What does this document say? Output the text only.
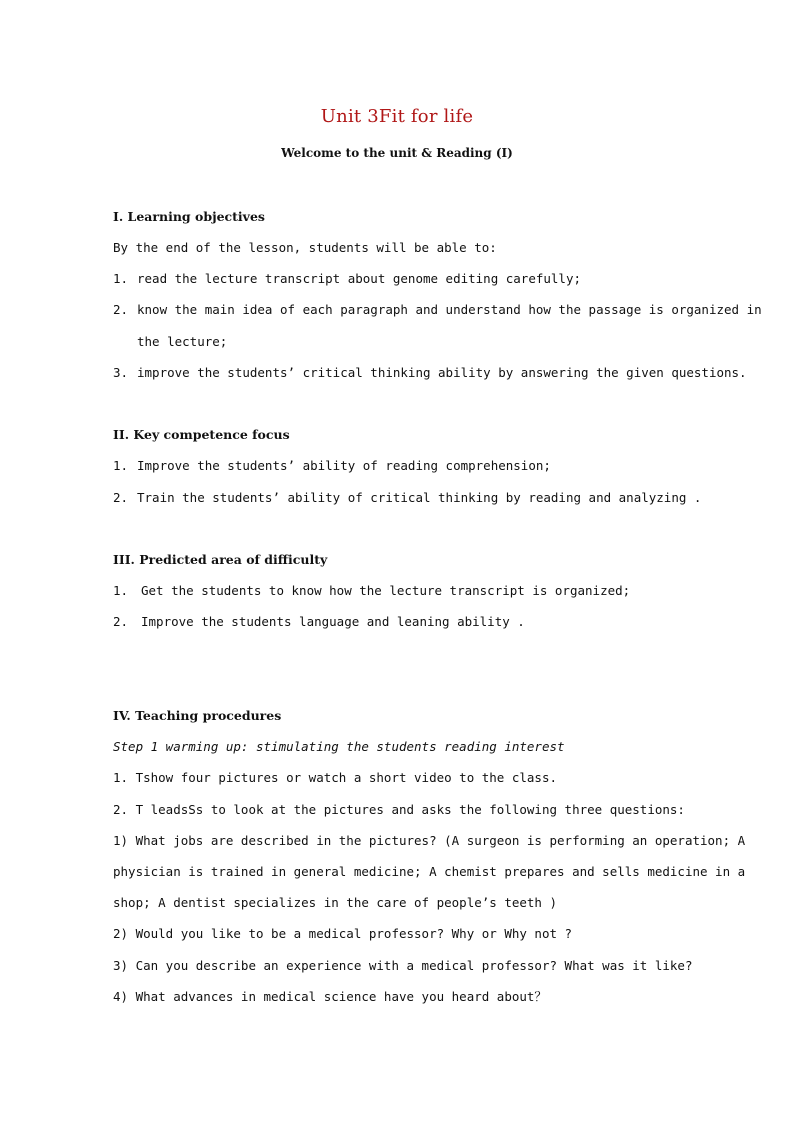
Unit 3Fit for life
Welcome to the unit & Reading (I)
I. Learning objectives
By the end of the lesson, students will be able to:
1. read the lecture transcript about genome editing carefully;
2. know the main idea of each paragraph and understand how the passage is organized in
the lecture;
3. improve the students’ critical thinking ability by answering the given questions.
II. Key competence focus
1. Improve the students’ ability of reading comprehension;
2. Train the students’ ability of critical thinking by reading and analyzing .
III. Predicted area of difficulty
1. Get the students to know how the lecture transcript is organized;
2. Improve the students language and leaning ability .
IV. Teaching procedures
Step 1 warming up: stimulating the students reading interest
1. Tshow four pictures or watch a short video to the class.
2. T leadsSs to look at the pictures and asks the following three questions:
1) What jobs are described in the pictures? (A surgeon is performing an operation; A
physician is trained in general medicine; A chemist prepares and sells medicine in a
shop; A dentist specializes in the care of people’s teeth )
2) Would you like to be a medical professor? Why or Why not ?
3) Can you describe an experience with a medical professor? What was it like?
4) What advances in medical science have you heard about？
